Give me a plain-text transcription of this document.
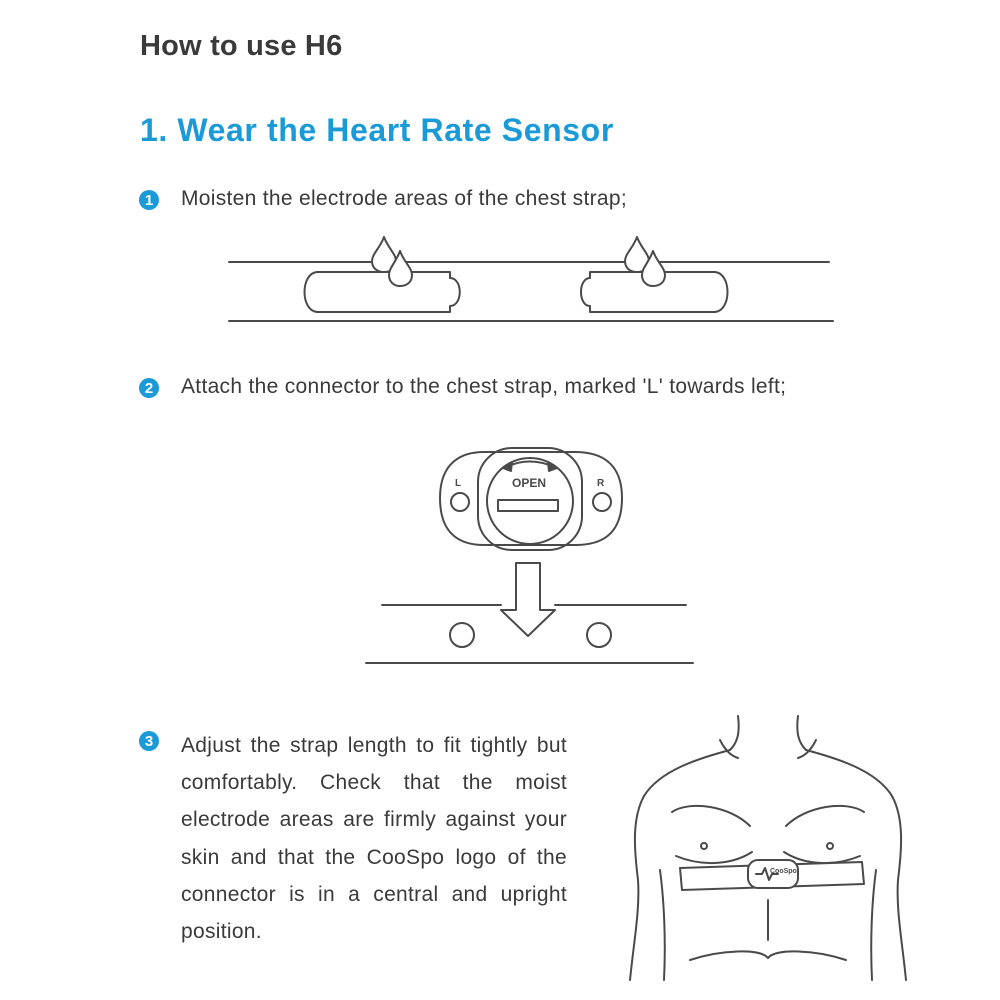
How to use H6
1. Wear the Heart Rate Sensor
1 Moisten the electrode areas of the chest strap;
2 Attach the connector to the chest strap, marked 'L' towards left;
L	R
OPEN
3 Adjust the strap length to fit tightly but comfortably. Check that the moist electrode areas are firmly against your skin and that the CooSpo logo of the connector is in a central and upright position.
CooSpo
